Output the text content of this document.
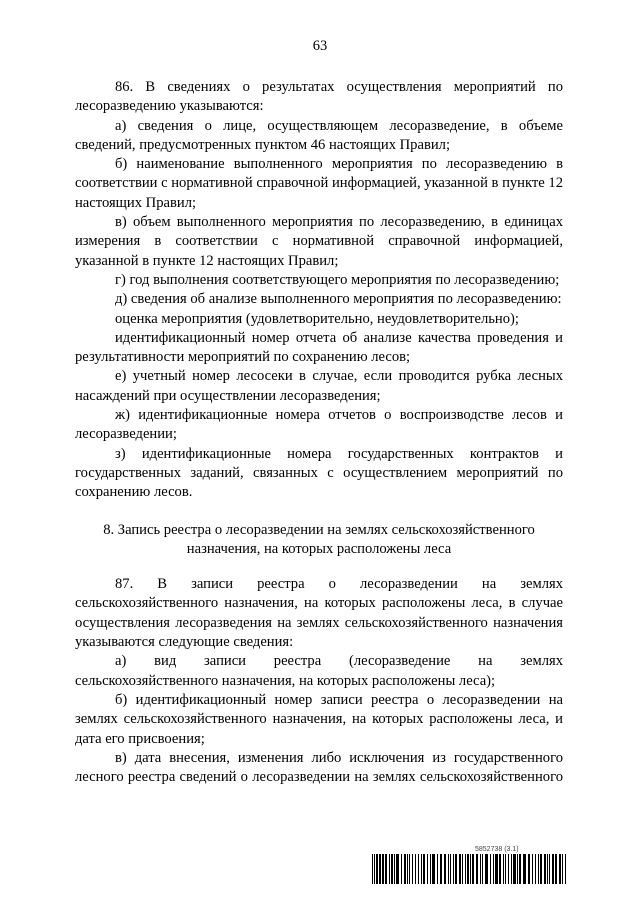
63

86. В сведениях о результатах осуществления мероприятий по лесоразведению указываются:

а) сведения о лице, осуществляющем лесоразведение, в объеме сведений, предусмотренных пунктом 46 настоящих Правил;

б) наименование выполненного мероприятия по лесоразведению в соответствии с нормативной справочной информацией, указанной в пункте 12 настоящих Правил;

в) объем выполненного мероприятия по лесоразведению, в единицах измерения в соответствии с нормативной справочной информацией, указанной в пункте 12 настоящих Правил;

г) год выполнения соответствующего мероприятия по лесоразведению;

д) сведения об анализе выполненного мероприятия по лесоразведению:

оценка мероприятия (удовлетворительно, неудовлетворительно);

идентификационный номер отчета об анализе качества проведения и результативности мероприятий по сохранению лесов;

е) учетный номер лесосеки в случае, если проводится рубка лесных насаждений при осуществлении лесоразведения;

ж) идентификационные номера отчетов о воспроизводстве лесов и лесоразведении;

з) идентификационные номера государственных контрактов и государственных заданий, связанных с осуществлением мероприятий по сохранению лесов.

8. Запись реестра о лесоразведении на землях сельскохозяйственного назначения, на которых расположены леса

87. В записи реестра о лесоразведении на землях сельскохозяйственного назначения, на которых расположены леса, в случае осуществления лесоразведения на землях сельскохозяйственного назначения указываются следующие сведения:

а) вид записи реестра (лесоразведение на землях сельскохозяйственного назначения, на которых расположены леса);

б) идентификационный номер записи реестра о лесоразведении на землях сельскохозяйственного назначения, на которых расположены леса, и дата его присвоения;

в) дата внесения, изменения либо исключения из государственного лесного реестра сведений о лесоразведении на землях сельскохозяйственного

5852738 (3.1)
